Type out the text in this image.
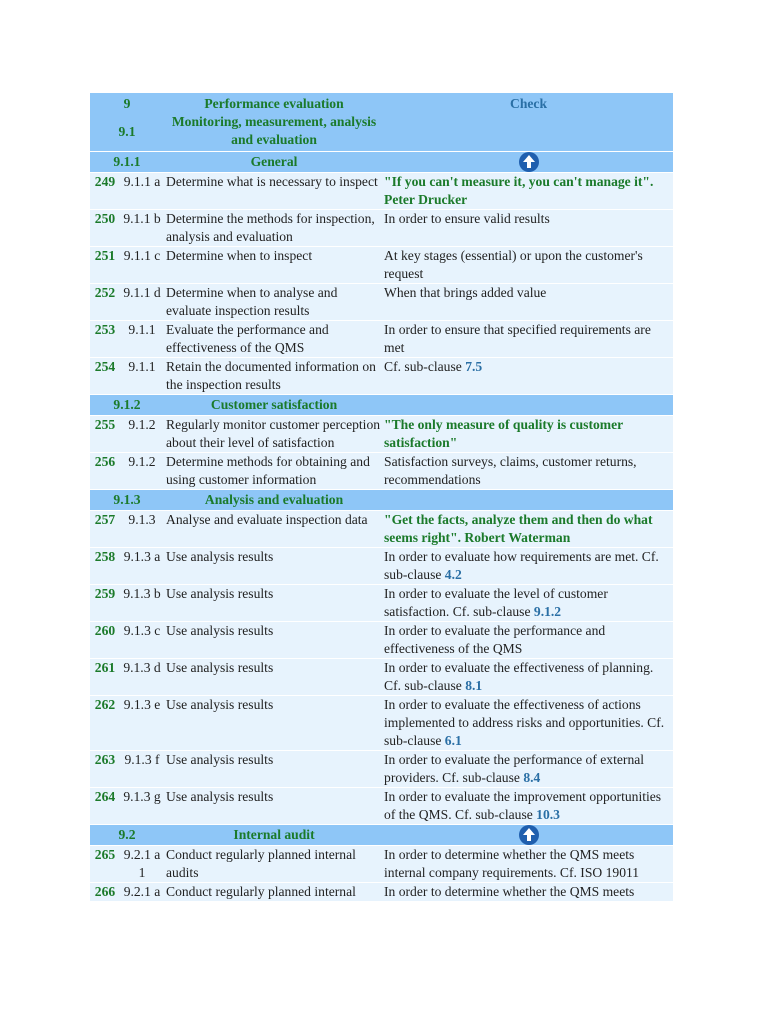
9		Performance evaluation	Check
9.1		Monitoring, measurement, analysis and evaluation	
9.1.1		General	

249	9.1.1 a	Determine what is necessary to inspect	"If you can't measure it, you can't manage it". Peter Drucker
250	9.1.1 b	Determine the methods for inspection, analysis and evaluation	In order to ensure valid results
251	9.1.1 c	Determine when to inspect	At key stages (essential) or upon the customer's request
252	9.1.1 d	Determine when to analyse and evaluate inspection results	When that brings added value
253	9.1.1	Evaluate the performance and effectiveness of the QMS	In order to ensure that specified requirements are met
254	9.1.1	Retain the documented information on the inspection results	Cf. sub-clause 7.5
9.1.2		Customer satisfaction	
255	9.1.2	Regularly monitor customer perception about their level of satisfaction	"The only measure of quality is customer satisfaction"
256	9.1.2	Determine methods for obtaining and using customer information	Satisfaction surveys, claims, customer returns, recommendations
9.1.3		Analysis and evaluation	
257	9.1.3	Analyse and evaluate inspection data	"Get the facts, analyze them and then do what seems right". Robert Waterman
258	9.1.3 a	Use analysis results	In order to evaluate how requirements are met. Cf. sub-clause 4.2
259	9.1.3 b	Use analysis results	In order to evaluate the level of customer satisfaction. Cf. sub-clause 9.1.2
260	9.1.3 c	Use analysis results	In order to evaluate the performance and effectiveness of the QMS
261	9.1.3 d	Use analysis results	In order to evaluate the effectiveness of planning. Cf. sub-clause 8.1
262	9.1.3 e	Use analysis results	In order to evaluate the effectiveness of actions implemented to address risks and opportunities. Cf. sub-clause 6.1
263	9.1.3 f	Use analysis results	In order to evaluate the performance of external providers. Cf. sub-clause 8.4
264	9.1.3 g	Use analysis results	In order to evaluate the improvement opportunities of the QMS. Cf. sub-clause 10.3
9.2		Internal audit	

265	9.2.1 a 1	Conduct regularly planned internal audits	In order to determine whether the QMS meets internal company requirements. Cf. ISO 19011
266	9.2.1 a	Conduct regularly planned internal	In order to determine whether the QMS meets
